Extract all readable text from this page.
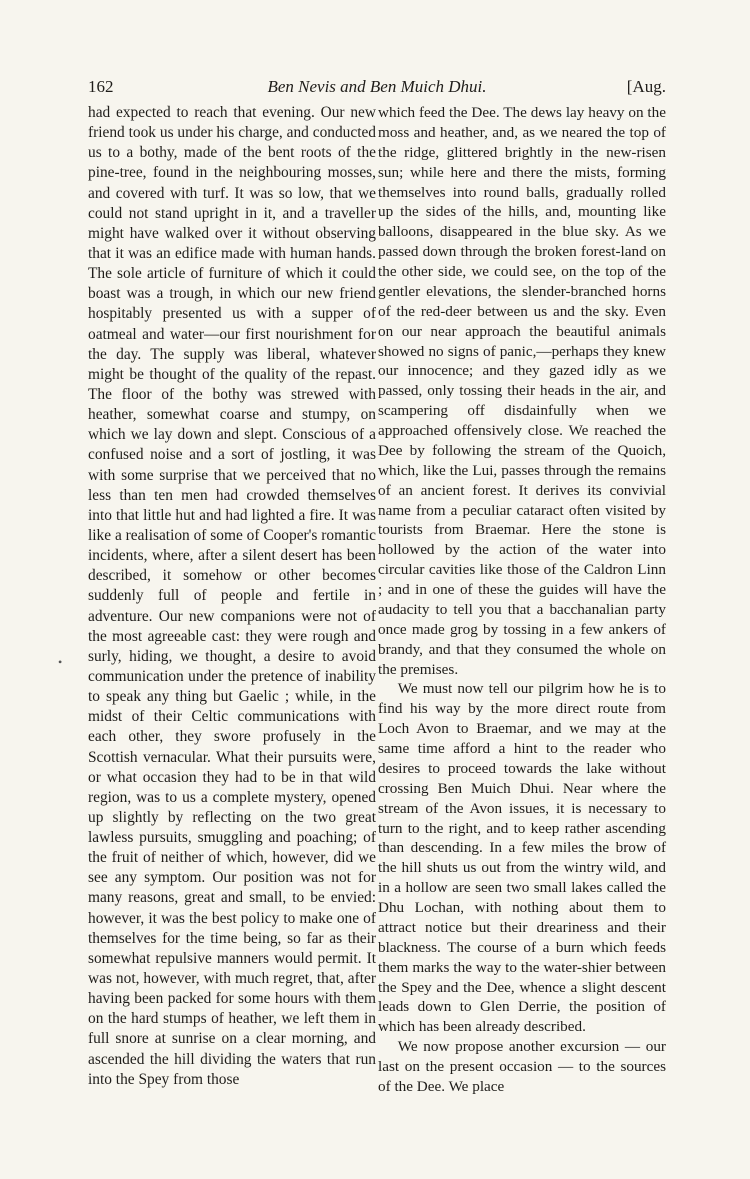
162	Ben Nevis and Ben Muich Dhui.	[Aug.
•

had expected to reach that evening. Our new friend took us under his charge, and conducted us to a bothy, made of the bent roots of the pine-tree, found in the neighbouring mosses, and covered with turf. It was so low, that we could not stand upright in it, and a traveller might have walked over it without observing that it was an edifice made with human hands. The sole article of furniture of which it could boast was a trough, in which our new friend hospitably presented us with a supper of oatmeal and water—our first nourishment for the day. The supply was liberal, whatever might be thought of the quality of the repast. The floor of the bothy was strewed with heather, somewhat coarse and stumpy, on which we lay down and slept. Conscious of a confused noise and a sort of jostling, it was with some surprise that we perceived that no less than ten men had crowded themselves into that little hut and had lighted a fire. It was like a realisation of some of Cooper's romantic incidents, where, after a silent desert has been described, it somehow or other becomes suddenly full of people and fertile in adventure. Our new companions were not of the most agreeable cast: they were rough and surly, hiding, we thought, a desire to avoid communication under the pretence of inability to speak any thing but Gaelic ; while, in the midst of their Celtic communications with each other, they swore profusely in the Scottish vernacular. What their pursuits were, or what occasion they had to be in that wild region, was to us a complete mystery, opened up slightly by reflecting on the two great lawless pursuits, smuggling and poaching; of the fruit of neither of which, however, did we see any symptom. Our position was not for many reasons, great and small, to be envied: however, it was the best policy to make one of themselves for the time being, so far as their somewhat repulsive manners would permit. It was not, however, with much regret, that, after having been packed for some hours with them on the hard stumps of heather, we left them in full snore at sunrise on a clear morning, and ascended the hill dividing the waters that run into the Spey from those

which feed the Dee. The dews lay heavy on the moss and heather, and, as we neared the top of the ridge, glittered brightly in the new-risen sun; while here and there the mists, forming themselves into round balls, gradually rolled up the sides of the hills, and, mounting like balloons, disappeared in the blue sky. As we passed down through the broken forest-land on the other side, we could see, on the top of the gentler elevations, the slender-branched horns of the red-deer between us and the sky. Even on our near approach the beautiful animals showed no signs of panic,—perhaps they knew our innocence; and they gazed idly as we passed, only tossing their heads in the air, and scampering off disdainfully when we approached offensively close. We reached the Dee by following the stream of the Quoich, which, like the Lui, passes through the remains of an ancient forest. It derives its convivial name from a peculiar cataract often visited by tourists from Braemar. Here the stone is hollowed by the action of the water into circular cavities like those of the Caldron Linn ; and in one of these the guides will have the audacity to tell you that a bacchanalian party once made grog by tossing in a few ankers of brandy, and that they consumed the whole on the premises.

We must now tell our pilgrim how he is to find his way by the more direct route from Loch Avon to Braemar, and we may at the same time afford a hint to the reader who desires to proceed towards the lake without crossing Ben Muich Dhui. Near where the stream of the Avon issues, it is necessary to turn to the right, and to keep rather ascending than descending. In a few miles the brow of the hill shuts us out from the wintry wild, and in a hollow are seen two small lakes called the Dhu Lochan, with nothing about them to attract notice but their dreariness and their blackness. The course of a burn which feeds them marks the way to the water-shier between the Spey and the Dee, whence a slight descent leads down to Glen Derrie, the position of which has been already described.

We now propose another excursion — our last on the present occasion — to the sources of the Dee. We place
